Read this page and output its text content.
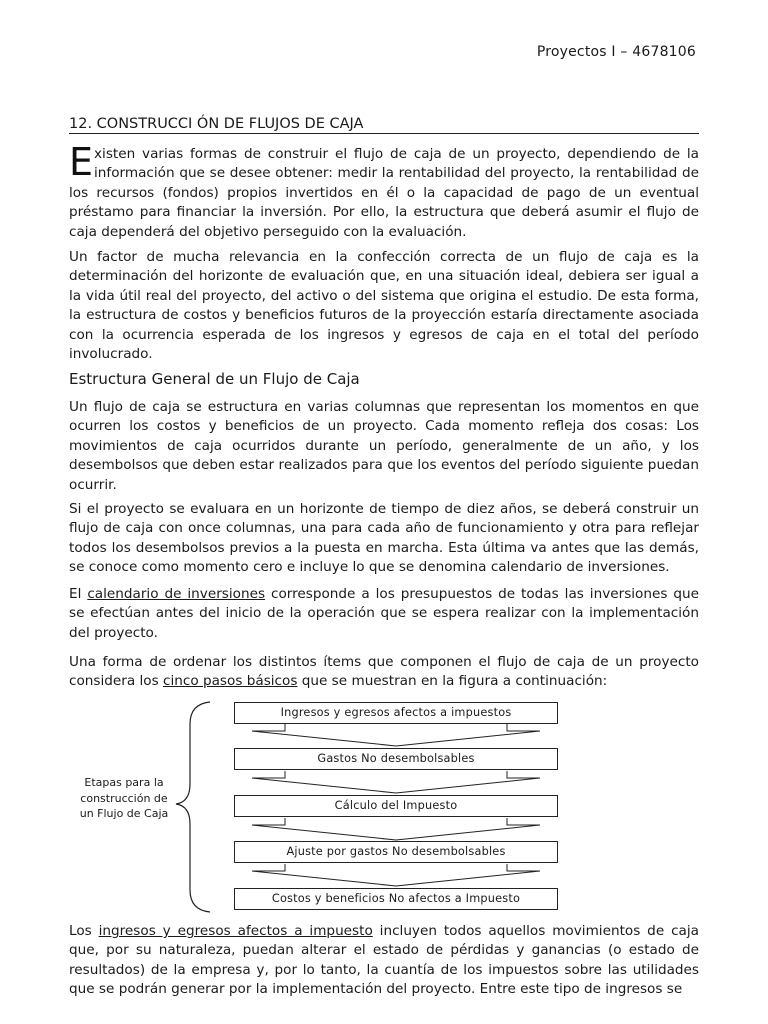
Proyectos I – 4678106
12. CONSTRUCCI ÓN DE FLUJOS DE CAJA
Existen varias formas de construir el flujo de caja de un proyecto, dependiendo de la información que se desee obtener: medir la rentabilidad del proyecto, la rentabilidad de los recursos (fondos) propios invertidos en él o la capacidad de pago de un eventual préstamo para financiar la inversión. Por ello, la estructura que deberá asumir el flujo de caja dependerá del objetivo perseguido con la evaluación.
Un factor de mucha relevancia en la confección correcta de un flujo de caja es la determinación del horizonte de evaluación que, en una situación ideal, debiera ser igual a la vida útil real del proyecto, del activo o del sistema que origina el estudio. De esta forma, la estructura de costos y beneficios futuros de la proyección estaría directamente asociada con la ocurrencia esperada de los ingresos y egresos de caja en el total del período involucrado.
Estructura General de un Flujo de Caja
Un flujo de caja se estructura en varias columnas que representan los momentos en que ocurren los costos y beneficios de un proyecto. Cada momento refleja dos cosas: Los movimientos de caja ocurridos durante un período, generalmente de un año, y los desembolsos que deben estar realizados para que los eventos del período siguiente puedan ocurrir.
Si el proyecto se evaluara en un horizonte de tiempo de diez años, se deberá construir un flujo de caja con once columnas, una para cada año de funcionamiento y otra para reflejar todos los desembolsos previos a la puesta en marcha. Esta última va antes que las demás, se conoce como momento cero e incluye lo que se denomina calendario de inversiones.
El calendario de inversiones corresponde a los presupuestos de todas las inversiones que se efectúan antes del inicio de la operación que se espera realizar con la implementación del proyecto.
Una forma de ordenar los distintos ítems que componen el flujo de caja de un proyecto considera los cinco pasos básicos que se muestran en la figura a continuación:
Etapas para la construcción de un Flujo de Caja
Ingresos y egresos afectos a impuestos
Gastos No desembolsables
Cálculo del Impuesto
Ajuste por gastos No desembolsables
Costos y beneficios No afectos a Impuesto
Los ingresos y egresos afectos a impuesto incluyen todos aquellos movimientos de caja que, por su naturaleza, puedan alterar el estado de pérdidas y ganancias (o estado de resultados) de la empresa y, por lo tanto, la cuantía de los impuestos sobre las utilidades que se podrán generar por la implementación del proyecto. Entre este tipo de ingresos se
